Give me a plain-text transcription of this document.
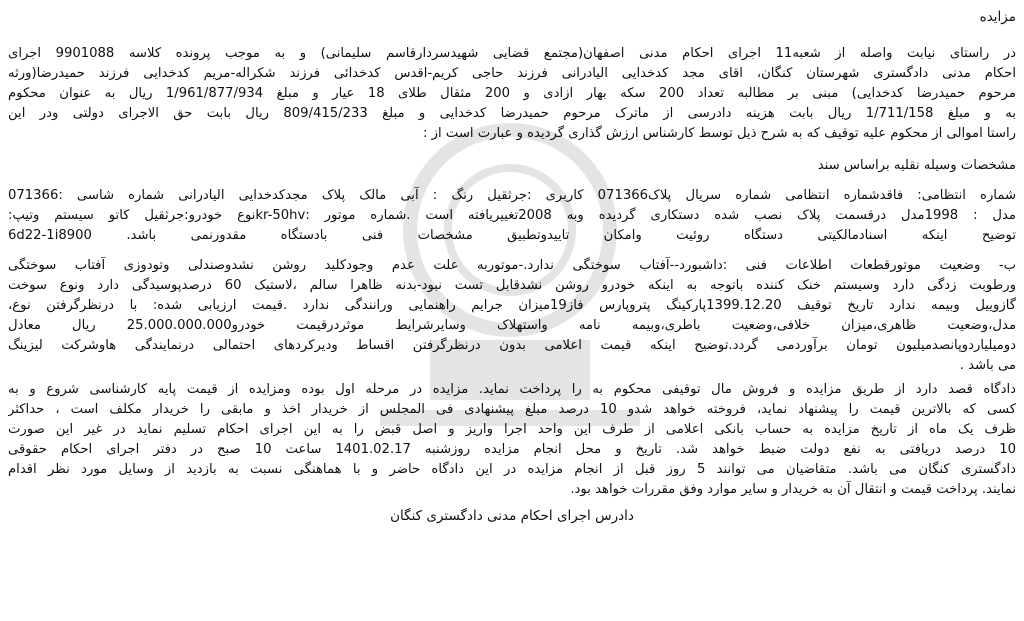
مزایده
در راستای نیابت واصله از شعبه11 اجرای احکام مدنی اصفهان(مجتمع قضایی شهیدسردارقاسم سلیمانی) و به موجب پرونده کلاسه 9901088 اجرای
احکام مدنی دادگستری شهرستان کنگان، اقای مجد کدخدایی الیادرانی فرزند حاجی کریم-اقدس کدخدائی فرزند شکراله-مریم کدخدایی فرزند حمیدرضا(ورثه
مرحوم حمیدرضا کدخدایی) مبنی بر مطالبه تعداد 200 سکه بهار ازادی و 200 مثقال طلای 18 عیار و مبلغ 1/961/877/934 ریال به عنوان محکوم
به و مبلغ 1/711/158 ریال بابت هزینه دادرسی از ماترک مرحوم حمیدرضا کدخدایی و مبلغ 809/415/233 ریال بابت حق الاجرای دولتی ودر این
راستا اموالی از محکوم علیه توقیف که به شرح ذیل توسط کارشناس ارزش گذاری گردیده و عبارت است از :
مشخصات وسیله نقلیه براساس سند
شماره انتظامی: فاقدشماره انتظامی شماره سریال پلاک071366 کاربری :جرثقیل رنگ : آبی مالک پلاک مجدکدخدایی الیادرانی شماره شاسی :071366
مدل : 1998مدل درقسمت پلاک نصب شده دستکاری گردیده وبه 2008تغییریافته است .شماره موتور :kr-50hvنوع خودرو:جرثقیل کاتو سیستم وتیپ:
توضیح اینکه اسنادمالکیتی دستگاه روئیت وامکان تاییدوتطبیق مشخصات فنی بادستگاه مقدورنمی باشد. 6d22-1i8900
ب- وضعیت موتورقطعات اطلاعات فنی :داشبورد--آفتاب سوختگی ندارد.-موتوربه علت عدم وجودکلید روشن نشدوصندلی وتودوزی آفتاب سوختگی
ورطوبت زدگی دارد وسیستم خنک کننده باتوجه به اینکه خودرو روشن نشدقابل تست نبود-بدنه ظاهرا سالم ،لاستیک 60 درصدپوسیدگی دارد ونوع سوخت
گازوییل وبیمه ندارد تاریخ توقیف 1399.12.20پارکینگ پتروپارس فاز19میزان جرایم راهنمایی ورانندگی ندارد .قیمت ارزیابی شده: با درنظرگرفتن نوع،
مدل،وضعیت ظاهری،میزان خلافی،وضعیت باطری،وبیمه نامه واستهلاک وسایرشرایط موثردرقیمت خودرو25.000.000.000 ریال معادل
دومیلیاردوپانصدمیلیون تومان برآوردمی گردد.توضیح اینکه قیمت اعلامی بدون درنظرگرفتن اقساط ودیرکردهای احتمالی درنمایندگی هاوشرکت لیزینگ
می باشد .
دادگاه قصد دارد از طریق مزایده و فروش مال توقیفی محکوم به را پرداخت نماید. مزایده در مرحله اول بوده ومزایده از قیمت پایه کارشناسی شروع و به
کسی که بالاترین قیمت را پیشنهاد نماید، فروخته خواهد شدو 10 درصد مبلغ پیشنهادی فی المجلس از خریدار اخذ و مابقی را خریدار مکلف است ، حداکثر
ظرف یک ماه از تاریخ مزایده به حساب بانکی اعلامی از طرف این واحد اجرا واریز و اصل قبض را به این اجرای احکام تسلیم نماید در غیر این صورت
10 درصد دریافتی به نفع دولت ضبط خواهد شد. تاریخ و محل انجام مزایده روزشنبه 1401.02.17 ساعت 10 صبح در دفتر اجرای احکام حقوقی
دادگستری کنگان می باشد. متقاضیان می توانند 5 روز قبل از انجام مزایده در این دادگاه حاضر و با هماهنگی نسبت به بازدید از وسایل مورد نظر اقدام
نمایند. پرداخت قیمت و انتقال آن به خریدار و سایر موارد وفق مقررات خواهد بود.
دادرس اجرای احکام مدنی دادگستری کنگان
